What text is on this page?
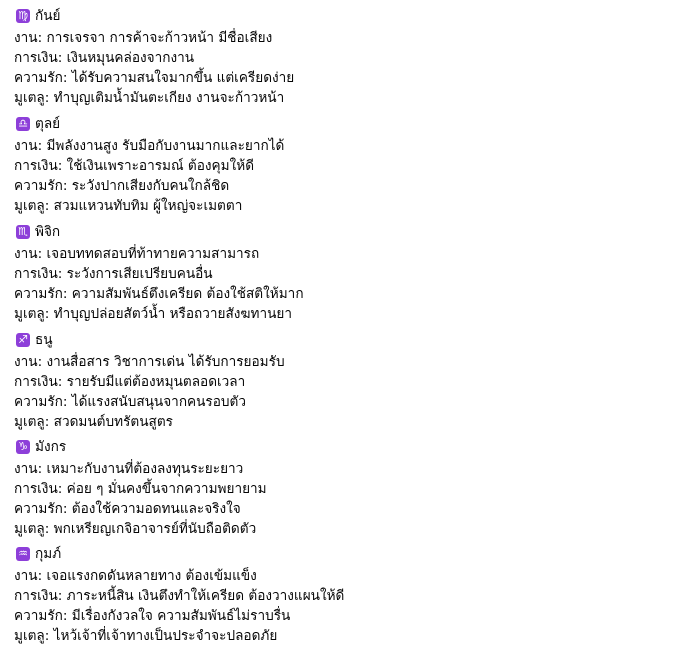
♍ กันย์
งาน: การเจรจา การค้าจะก้าวหน้า มีชื่อเสียง
การเงิน: เงินหมุนคล่องจากงาน
ความรัก: ได้รับความสนใจมากขึ้น แต่เครียดง่าย
มูเตลู: ทำบุญเติมน้ำมันตะเกียง งานจะก้าวหน้า
♎ ตุลย์
งาน: มีพลังงานสูง รับมือกับงานมากและยากได้
การเงิน: ใช้เงินเพราะอารมณ์ ต้องคุมให้ดี
ความรัก: ระวังปากเสียงกับคนใกล้ชิด
มูเตลู: สวมแหวนทับทิม ผู้ใหญ่จะเมตตา
♏ พิจิก
งาน: เจอบททดสอบที่ท้าทายความสามารถ
การเงิน: ระวังการเสียเปรียบคนอื่น
ความรัก: ความสัมพันธ์ตึงเครียด ต้องใช้สติให้มาก
มูเตลู: ทำบุญปล่อยสัตว์น้ำ หรือถวายสังฆทานยา
♐ ธนู
งาน: งานสื่อสาร วิชาการเด่น ได้รับการยอมรับ
การเงิน: รายรับมีแต่ต้องหมุนตลอดเวลา
ความรัก: ได้แรงสนับสนุนจากคนรอบตัว
มูเตลู: สวดมนต์บทรัตนสูตร
♑ มังกร
งาน: เหมาะกับงานที่ต้องลงทุนระยะยาว
การเงิน: ค่อย ๆ มั่นคงขึ้นจากความพยายาม
ความรัก: ต้องใช้ความอดทนและจริงใจ
มูเตลู: พกเหรียญเกจิอาจารย์ที่นับถือติดตัว
♒ กุมภ์
งาน: เจอแรงกดดันหลายทาง ต้องเข้มแข็ง
การเงิน: ภาระหนี้สิน เงินตึงทำให้เครียด ต้องวางแผนให้ดี
ความรัก: มีเรื่องกังวลใจ ความสัมพันธ์ไม่ราบรื่น
มูเตลู: ไหว้เจ้าที่เจ้าทางเป็นประจำจะปลอดภัย
